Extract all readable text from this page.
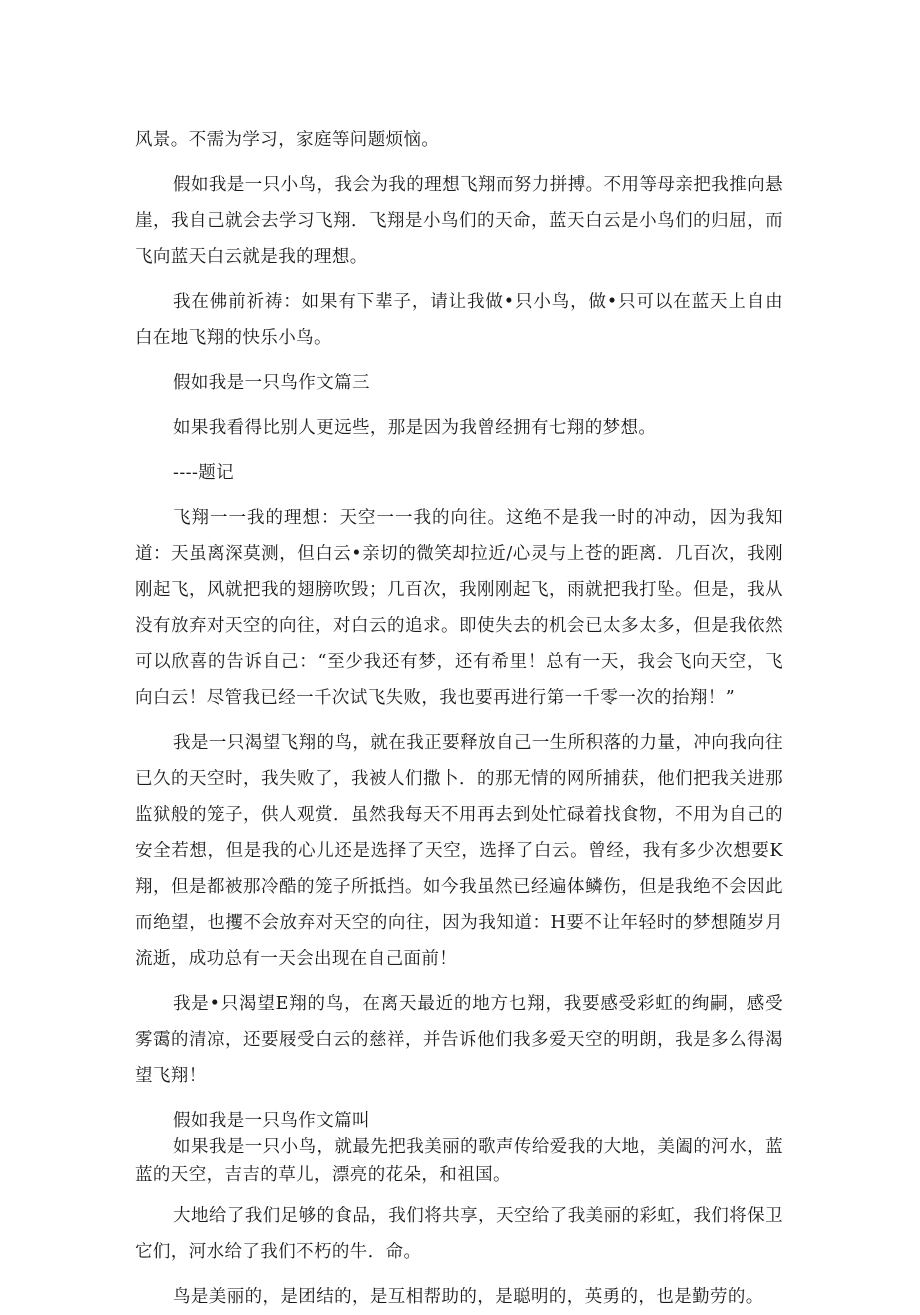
风景。不需为学习，家庭等问题烦恼。

假如我是一只小鸟，我会为我的理想飞翔而努力拼搏。不用等母亲把我推向悬崖，我自己就会去学习飞翔．飞翔是小鸟们的天命，蓝天白云是小鸟们的归屈，而飞向蓝天白云就是我的理想。

我在佛前祈祷：如果有下辈子，请让我做•只小鸟，做•只可以在蓝天上自由白在地飞翔的快乐小鸟。

假如我是一只鸟作文篇三

如果我看得比别人更远些，那是因为我曾经拥有七翔的梦想。

----题记

飞翔一一我的理想：天空一一我的向往。这绝不是我一时的冲动，因为我知道：天虽离深莫测，但白云•亲切的微笑却拉近/心灵与上苍的距离．几百次，我刚刚起飞，风就把我的翅膀吹毁；几百次，我刚刚起飞，雨就把我打坠。但是，我从没有放弃对天空的向往，对白云的追求。即使失去的机会已太多太多，但是我依然可以欣喜的告诉自己：“至少我还有梦，还有希里！总有一天，我会飞向天空，飞向白云！尽管我已经一千次试飞失败，我也要再进行第一千零一次的抬翔！”

我是一只渴望飞翔的鸟，就在我正要释放自己一生所积落的力量，冲向我向往已久的天空时，我失败了，我被人们撒卜．的那无情的网所捕获，他们把我关进那监狱般的笼子，供人观赏．虽然我每天不用再去到处忙碌着找食物，不用为自己的安全若想，但是我的心儿还是选择了天空，选择了白云。曾经，我有多少次想要K翔，但是都被那冷酷的笼子所抵挡。如今我虽然已经遍体鳞伤，但是我绝不会因此而绝望，也攫不会放弃对天空的向往，因为我知道：H要不让年轻时的梦想随岁月流逝，成功总有一天会出现在自己面前！

我是•只渴望E翔的鸟，在离天最近的地方乜翔，我要感受彩虹的绚嗣，感受雾霭的清凉，还要屐受白云的慈祥，并告诉他们我多爱天空的明朗，我是多么得渴望飞翔！

假如我是一只鸟作文篇叫

如果我是一只小鸟，就最先把我美丽的歌声传给爱我的大地，美阖的河水，蓝蓝的天空，吉吉的草儿，漂亮的花朵，和祖国。

大地给了我们足够的食品，我们将共享，天空给了我美丽的彩虹，我们将保卫它们，河水给了我们不朽的牛．命。

鸟是美丽的，是团结的，是互相帮助的，是聪明的，英勇的，也是勤劳的。
